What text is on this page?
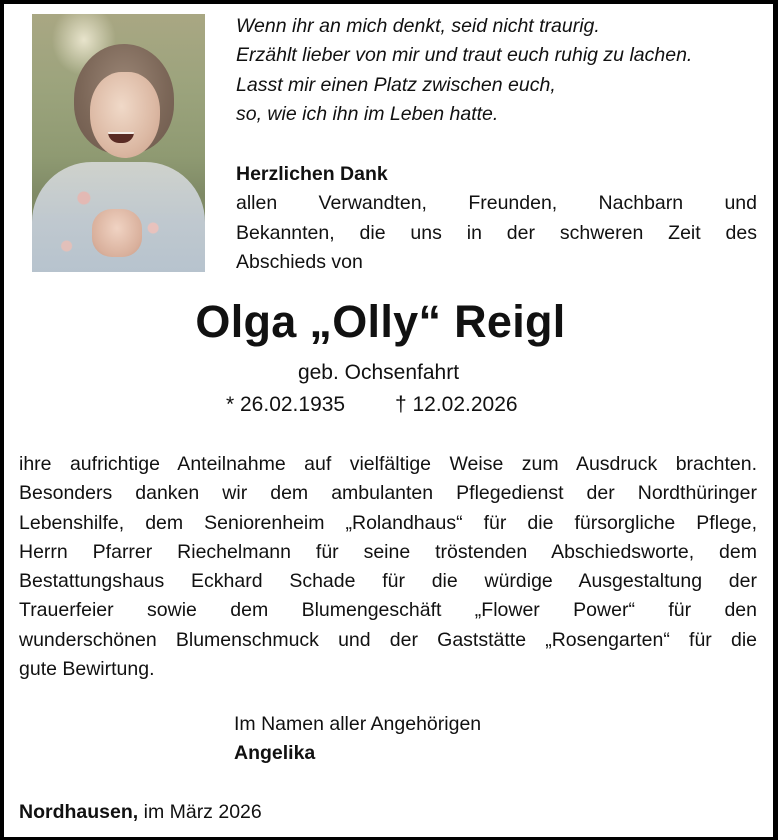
Wenn ihr an mich denkt, seid nicht traurig.
Erzählt lieber von mir und traut euch ruhig zu lachen.
Lasst mir einen Platz zwischen euch,
so, wie ich ihn im Leben hatte.
Herzlichen Dank
allen Verwandten, Freunden, Nachbarn und
Bekannten, die uns in der schweren Zeit des
Abschieds von
Olga „Olly“ Reigl
geb. Ochsenfahrt
* 26.02.1935 † 12.02.2026
ihre aufrichtige Anteilnahme auf vielfältige Weise zum Ausdruck brachten.
Besonders danken wir dem ambulanten Pflegedienst der Nordthüringer
Lebenshilfe, dem Seniorenheim „Rolandhaus“ für die fürsorgliche Pflege,
Herrn Pfarrer Riechelmann für seine tröstenden Abschiedsworte, dem
Bestattungshaus Eckhard Schade für die würdige Ausgestaltung der
Trauerfeier sowie dem Blumengeschäft „Flower Power“ für den
wunderschönen Blumenschmuck und der Gaststätte „Rosengarten“ für die
gute Bewirtung.
Im Namen aller Angehörigen
Angelika
Nordhausen, im März 2026
